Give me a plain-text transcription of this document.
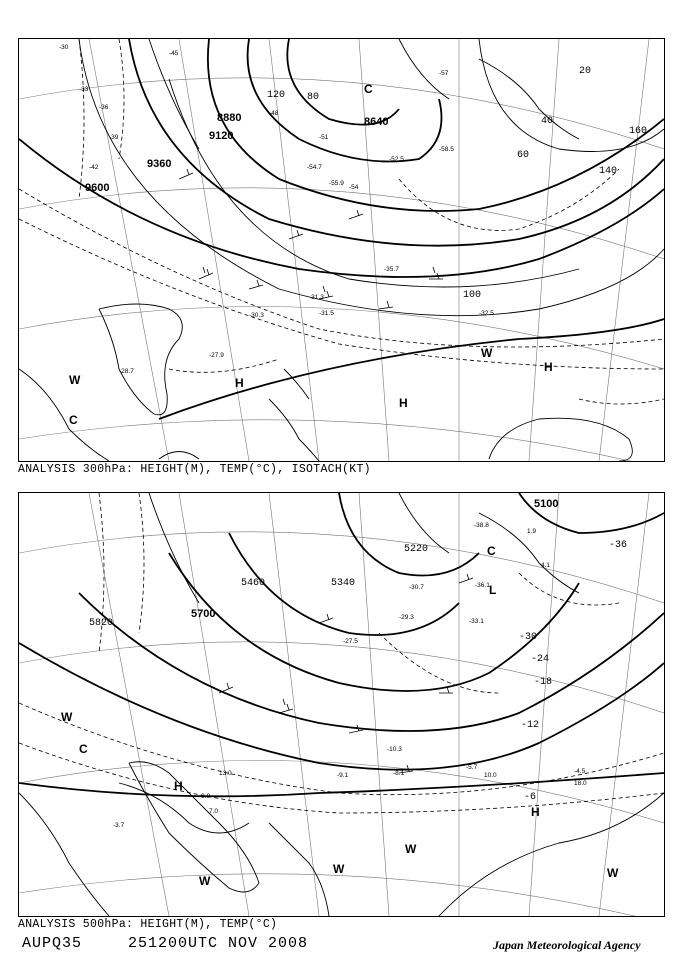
8640
8880
9120
9360
9600
20
40
60
80
100
120
140
160
-30
-33
-36
-39
-42
-45
-48
-51
-54
-57
-27.9
-28.7
-30.3
-31.3
-31.5	-32.5
-35.7
-52.5
-54.7
-55.9
-58.5
H
H
H
C
C
W
W
ANALYSIS 300hPa: HEIGHT(M), TEMP(°C), ISOTACH(KT)
5100
5220
5340
5460
5700
5820
-36
-30
-24
-18
-12
-6
-5.7
-8.1
-9.1
-10.3
-4.5
-3.9
-3.7
-27.5
-29.3
-30.7
-33.1
-36.1
-38.8
18.0
13.0	10.0
7.0
4.1
1.9
H
H
C
C
L
W
W
W
W
W
ANALYSIS 500hPa: HEIGHT(M), TEMP(°C)
AUPQ35	251200UTC NOV 2008	Japan Meteorological Agency
